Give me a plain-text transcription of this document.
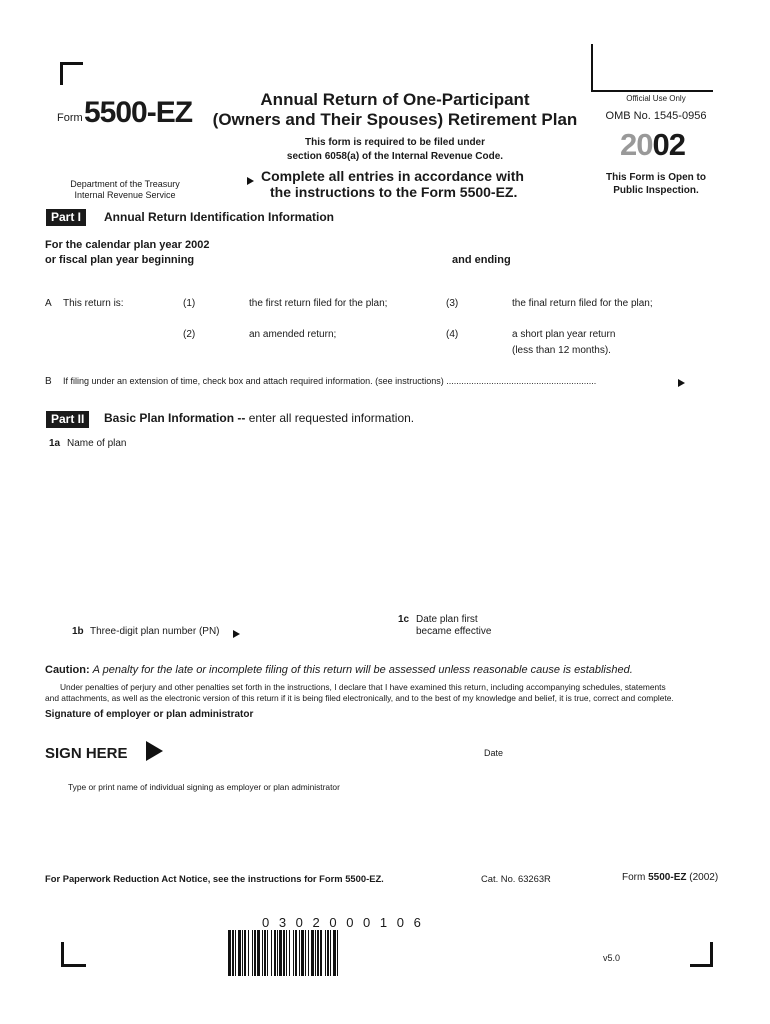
Form 5500-EZ	Annual Return of One-Participant
(Owners and Their Spouses) Retirement Plan
This form is required to be filed under
section 6058(a) of the Internal Revenue Code.
Complete all entries in accordance with
the instructions to the Form 5500-EZ.
Department of the Treasury
Internal Revenue Service
Official Use Only
OMB No. 1545-0956
2002
This Form is Open to
Public Inspection.
Part I	Annual Return Identification Information
For the calendar plan year 2002
or fiscal plan year beginning	and ending
A This return is:	(1)	the first return filed for the plan;	(3)	the final return filed for the plan;
(2)	an amended return;	(4)	a short plan year return
(less than 12 months).
B If filing under an extension of time, check box and attach required information. (see instructions) ............................................................
Part II	Basic Plan Information -- enter all requested information.
1a Name of plan
1c Date plan first
became effective
1b Three-digit plan number (PN)
Caution: A penalty for the late or incomplete filing of this return will be assessed unless reasonable cause is established.
Under penalties of perjury and other penalties set forth in the instructions, I declare that I have examined this return, including accompanying schedules, statements
and attachments, as well as the electronic version of this return if it is being filed electronically, and to the best of my knowledge and belief, it is true, correct and complete.
Signature of employer or plan administrator
SIGN HERE	Date
Type or print name of individual signing as employer or plan administrator
For Paperwork Reduction Act Notice, see the instructions for Form 5500-EZ.	Cat. No. 63263R	Form 5500-EZ (2002)
0 3 0 2 0 0 0 1 0 6
v5.0
